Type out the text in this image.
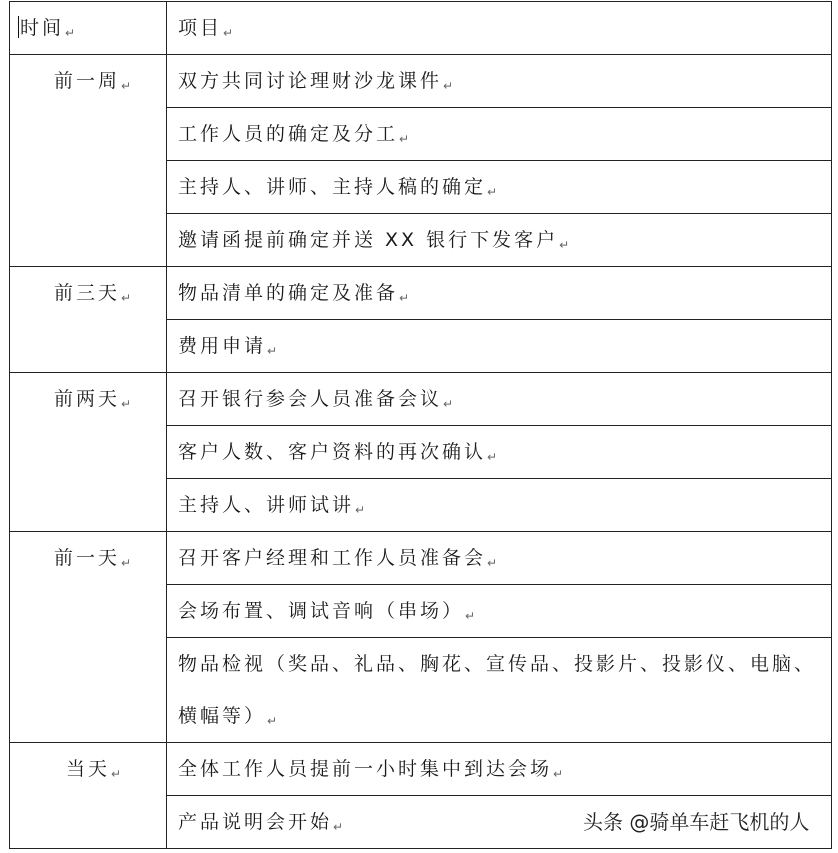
时间↵	项目↵

前一周↵	双方共同讨论理财沙龙课件↵

	工作人员的确定及分工↵

	主持人、讲师、主持人稿的确定↵

	邀请函提前确定并送 XX 银行下发客户↵

前三天↵	物品清单的确定及准备↵

	费用申请↵

前两天↵	召开银行参会人员准备会议↵

	客户人数、客户资料的再次确认↵

	主持人、讲师试讲↵

前一天↵	召开客户经理和工作人员准备会↵

	会场布置、调试音响（串场）↵

	物品检视（奖品、礼品、胸花、宣传品、投影片、投影仪、电脑、横幅等）↵

当天↵	全体工作人员提前一小时集中到达会场↵

	产品说明会开始↵	头条 @骑单车赶飞机的人
